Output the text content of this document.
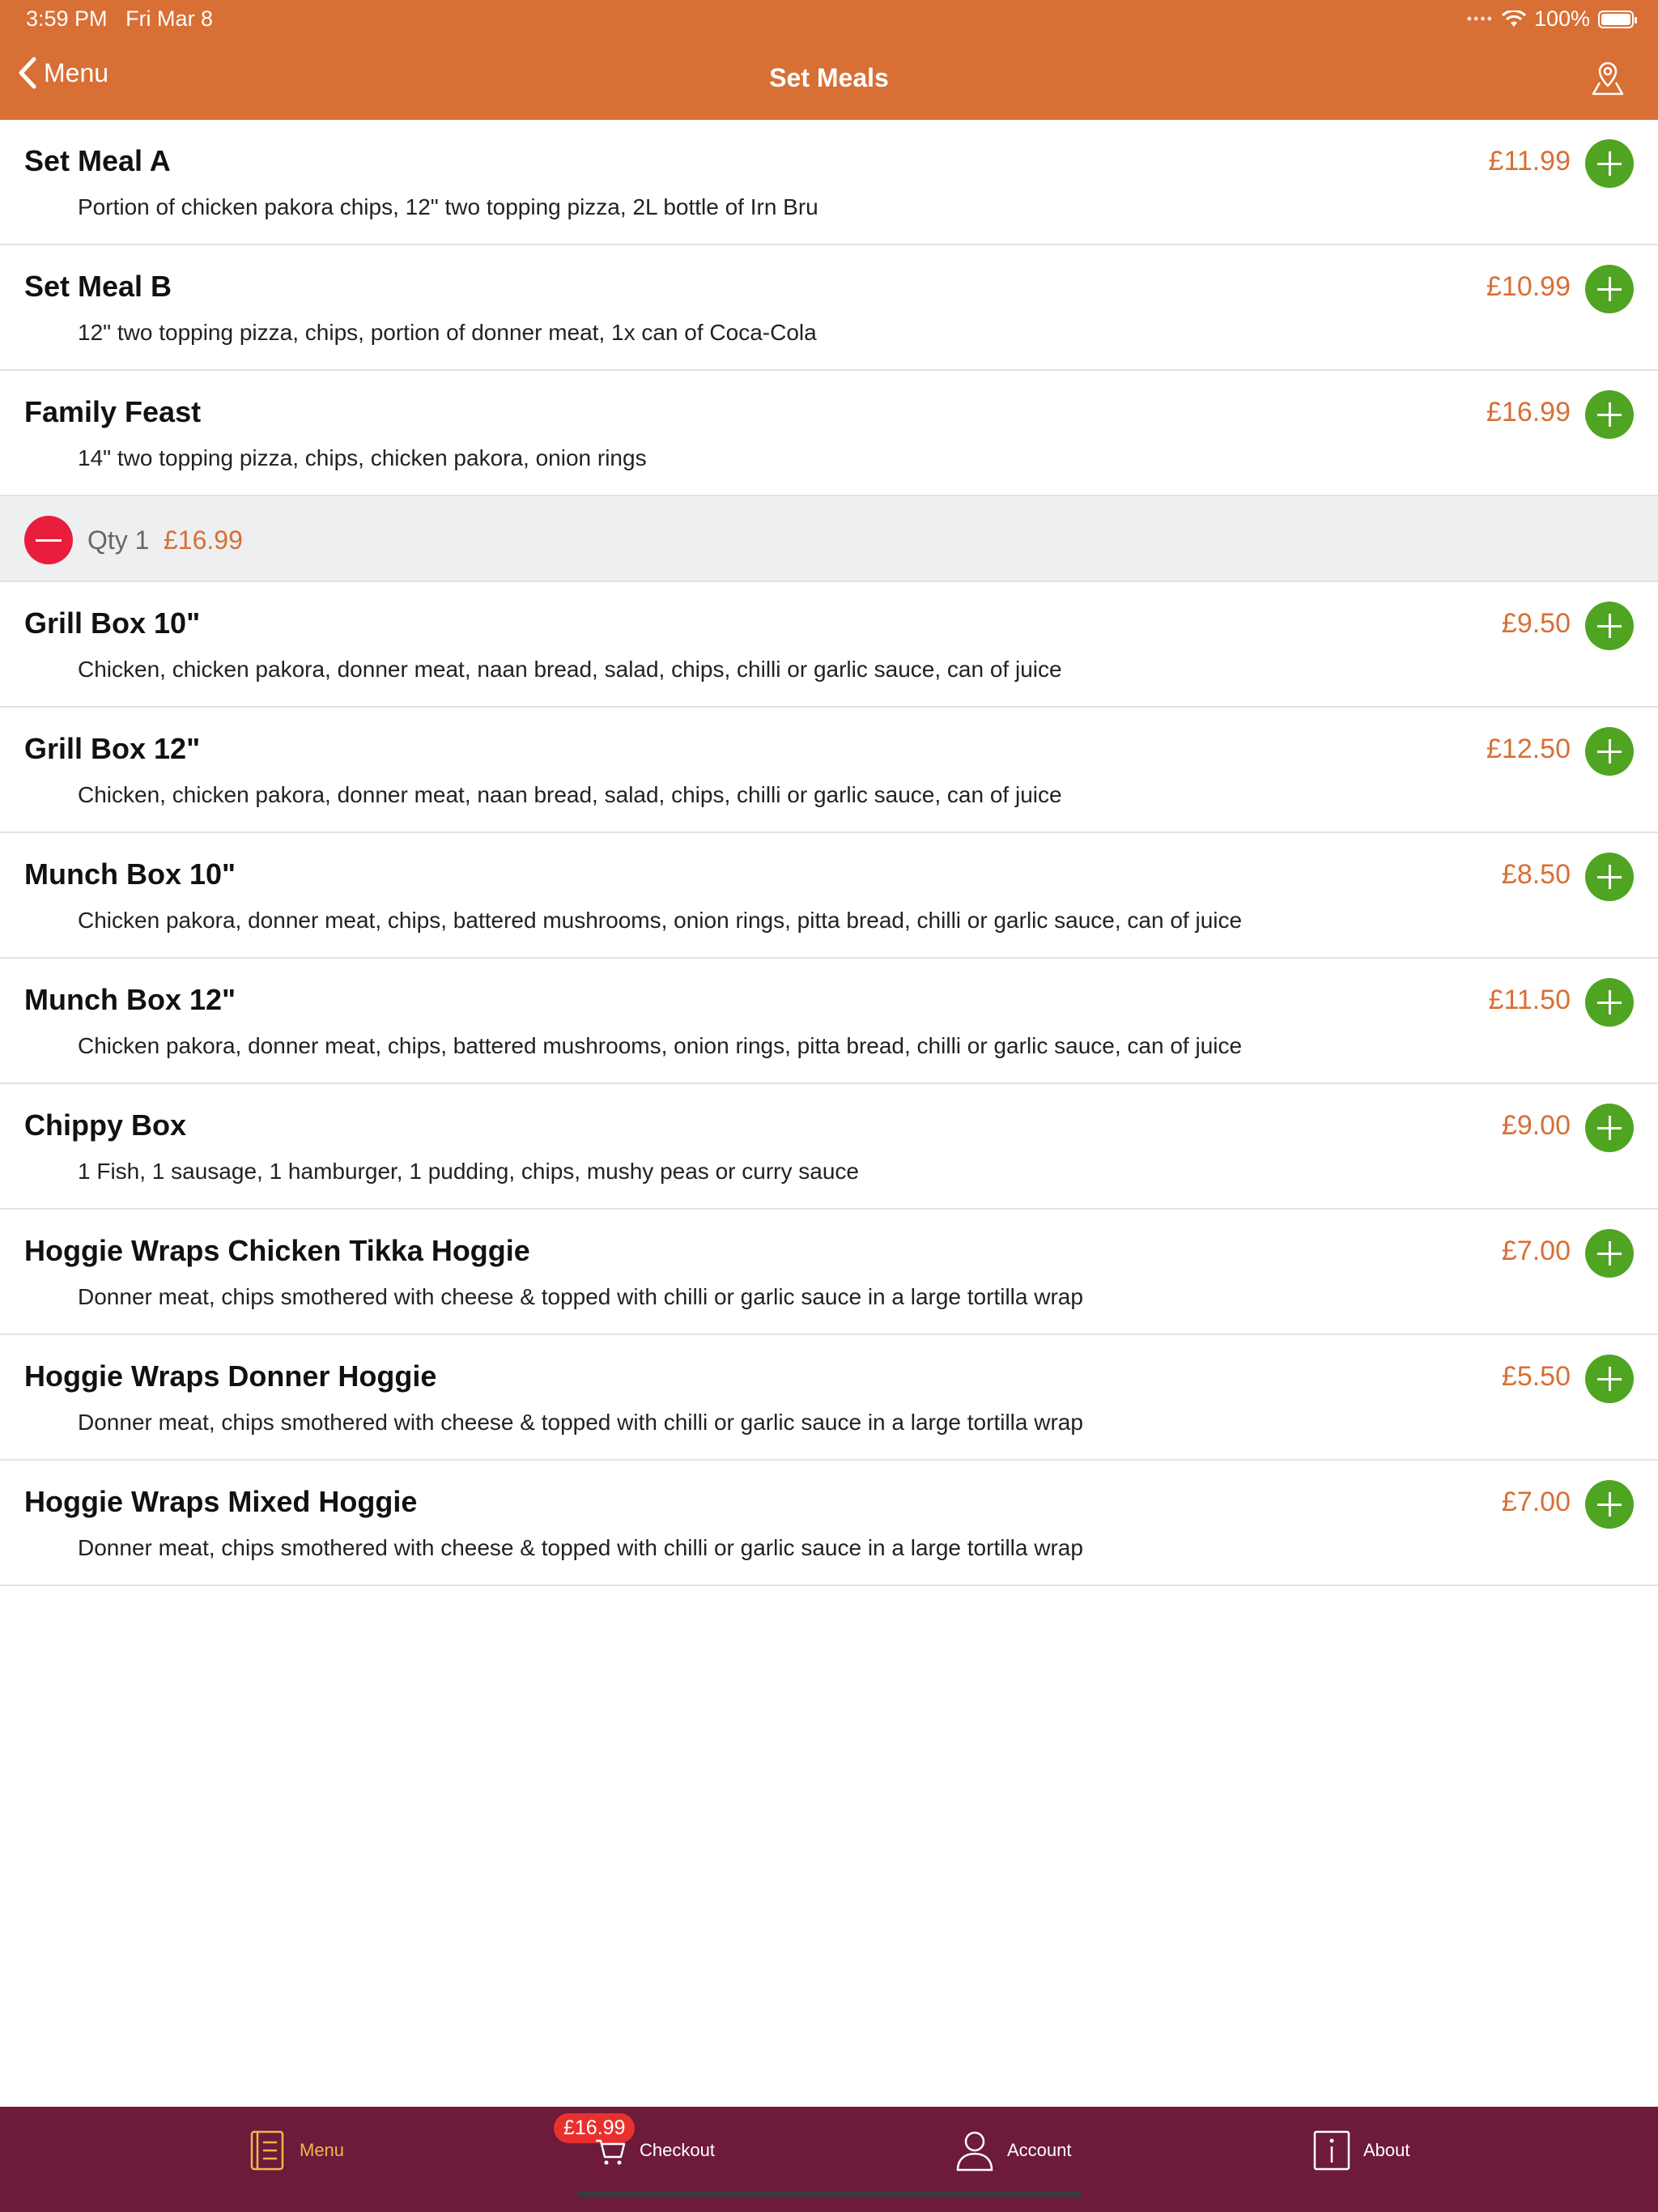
3:59 PM Fri Mar 8	•••• 100%
Menu	Set Meals
Set Meal A	£11.99
Portion of chicken pakora chips, 12" two topping pizza, 2L bottle of Irn Bru
Set Meal B	£10.99
12" two topping pizza, chips, portion of donner meat, 1x can of Coca-Cola
Family Feast	£16.99
14" two topping pizza, chips, chicken pakora, onion rings
Qty 1 £16.99
Grill Box 10"	£9.50
Chicken, chicken pakora, donner meat, naan bread, salad, chips, chilli or garlic sauce, can of juice
Grill Box 12"	£12.50
Chicken, chicken pakora, donner meat, naan bread, salad, chips, chilli or garlic sauce, can of juice
Munch Box 10"	£8.50
Chicken pakora, donner meat, chips, battered mushrooms, onion rings, pitta bread, chilli or garlic sauce, can of juice
Munch Box 12"	£11.50
Chicken pakora, donner meat, chips, battered mushrooms, onion rings, pitta bread, chilli or garlic sauce, can of juice
Chippy Box	£9.00
1 Fish, 1 sausage, 1 hamburger, 1 pudding, chips, mushy peas or curry sauce
Hoggie Wraps Chicken Tikka Hoggie	£7.00
Donner meat, chips smothered with cheese & topped with chilli or garlic sauce in a large tortilla wrap
Hoggie Wraps Donner Hoggie	£5.50
Donner meat, chips smothered with cheese & topped with chilli or garlic sauce in a large tortilla wrap
Hoggie Wraps Mixed Hoggie	£7.00
Donner meat, chips smothered with cheese & topped with chilli or garlic sauce in a large tortilla wrap
Menu
£16.99
Checkout	Account	About
